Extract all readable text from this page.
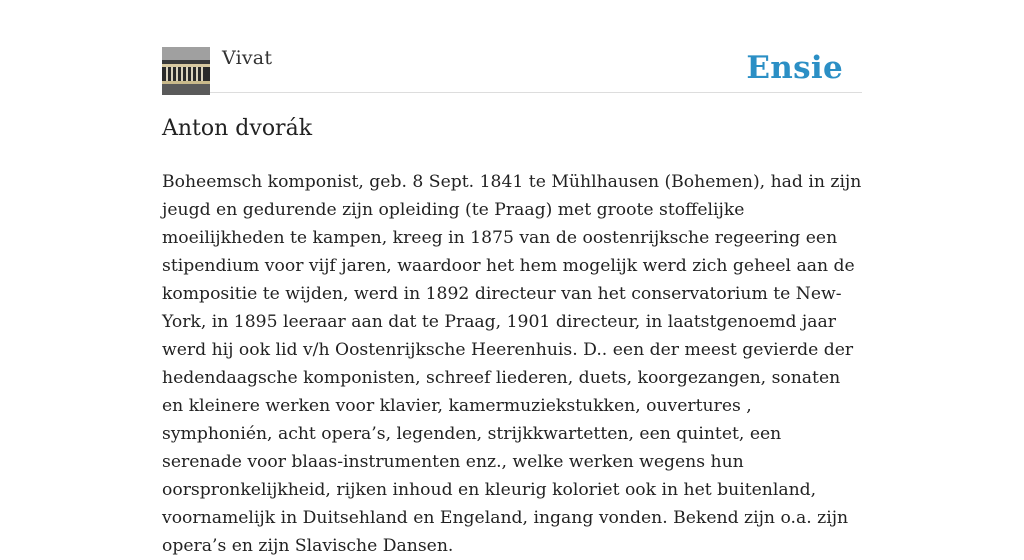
Vivat	Ensie
Anton dvorák

Boheemsch komponist, geb. 8 Sept. 1841 te Mühlhausen (Bohemen), had in zijn jeugd en gedurende zijn opleiding (te Praag) met groote stoffelijke moeilijkheden te kampen, kreeg in 1875 van de oostenrijksche regeering een stipendium voor vijf jaren, waardoor het hem mogelijk werd zich geheel aan de kompositie te wijden, werd in 1892 directeur van het conservatorium te New-York, in 1895 leeraar aan dat te Praag, 1901 directeur, in laatstgenoemd jaar werd hij ook lid v/h Oostenrijksche Heerenhuis. D.. een der meest gevierde der hedendaagsche komponisten, schreef liederen, duets, koorgezangen, sonaten en kleinere werken voor klavier, kamermuziekstukken, ouvertures , symphonién, acht opera’s, legenden, strijkkwartetten, een quintet, een serenade voor blaas-instrumenten enz., welke werken wegens hun oorspronkelijkheid, rijken inhoud en kleurig koloriet ook in het buitenland, voornamelijk in Duitsehland en Engeland, ingang vonden. Bekend zijn o.a. zijn opera’s en zijn Slavische Dansen.
